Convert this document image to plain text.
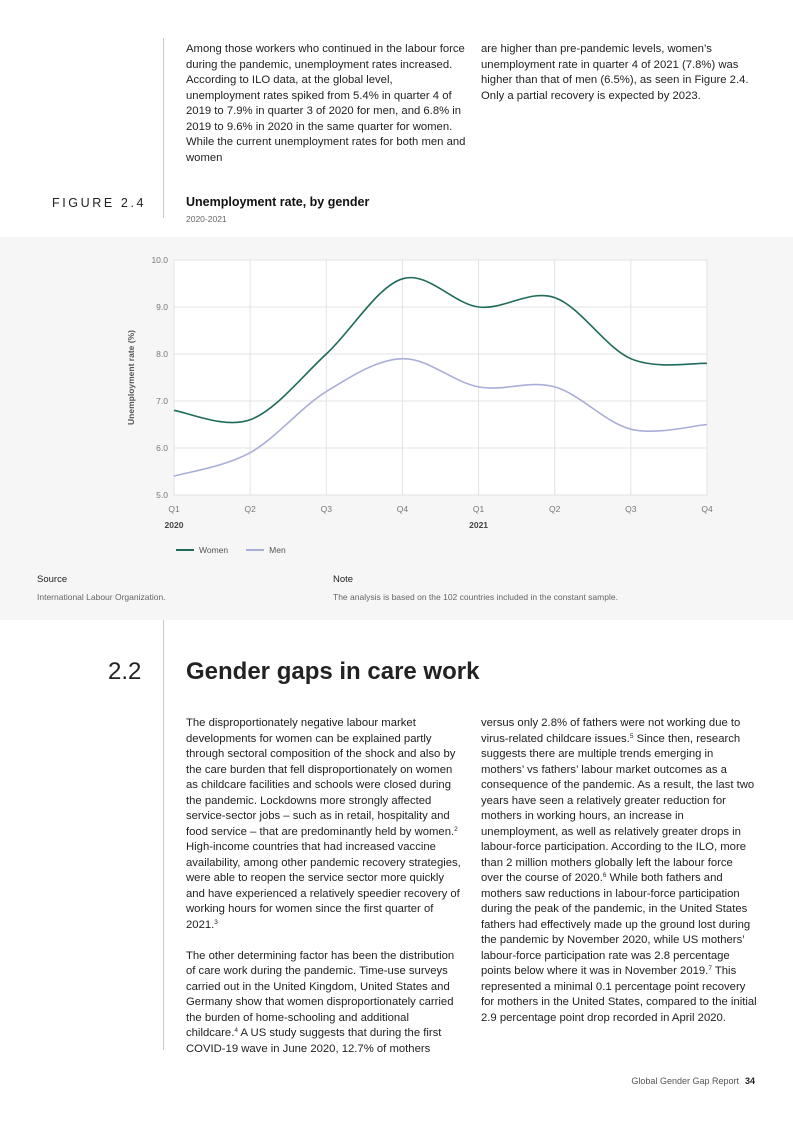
Among those workers who continued in the labour force during the pandemic, unemployment rates increased. According to ILO data, at the global level, unemployment rates spiked from 5.4% in quarter 4 of 2019 to 7.9% in quarter 3 of 2020 for men, and 6.8% in 2019 to 9.6% in 2020 in the same quarter for women. While the current unemployment rates for both men and women

are higher than pre-pandemic levels, women’s unemployment rate in quarter 4 of 2021 (7.8%) was higher than that of men (6.5%), as seen in Figure 2.4. Only a partial recovery is expected by 2023.

FIGURE 2.4	Unemployment rate, by gender
2020-2021
10.0
9.0
8.0
7.0
6.0
5.0
Q1	Q2	Q3	Q4	Q1	Q2	Q3	Q4
2020	2021
Unemployment rate (%)
Women	Men
Source
International Labour Organization.
Note
The analysis is based on the 102 countries included in the constant sample.
2.2 Gender gaps in care work

The disproportionately negative labour market developments for women can be explained partly through sectoral composition of the shock and also by the care burden that fell disproportionately on women as childcare facilities and schools were closed during the pandemic. Lockdowns more strongly affected service-sector jobs – such as in retail, hospitality and food service – that are predominantly held by women.$^2$ High-income countries that had increased vaccine availability, among other pandemic recovery strategies, were able to reopen the service sector more quickly and have experienced a relatively speedier recovery of working hours for women since the first quarter of 2021.$^3$

The other determining factor has been the distribution of care work during the pandemic. Time-use surveys carried out in the United Kingdom, United States and Germany show that women disproportionately carried the burden of home-schooling and additional childcare.$^4$ A US study suggests that during the first COVID-19 wave in June 2020, 12.7% of mothers

versus only 2.8% of fathers were not working due to virus-related childcare issues.$^5$ Since then, research suggests there are multiple trends emerging in mothers’ vs fathers’ labour market outcomes as a consequence of the pandemic. As a result, the last two years have seen a relatively greater reduction for mothers in working hours, an increase in unemployment, as well as relatively greater drops in labour-force participation. According to the ILO, more than 2 million mothers globally left the labour force over the course of 2020.$^6$ While both fathers and mothers saw reductions in labour-force participation during the peak of the pandemic, in the United States fathers had effectively made up the ground lost during the pandemic by November 2020, while US mothers’ labour-force participation rate was 2.8 percentage points below where it was in November 2019.$^7$ This represented a minimal 0.1 percentage point recovery for mothers in the United States, compared to the initial 2.9 percentage point drop recorded in April 2020.

Global Gender Gap Report 34
